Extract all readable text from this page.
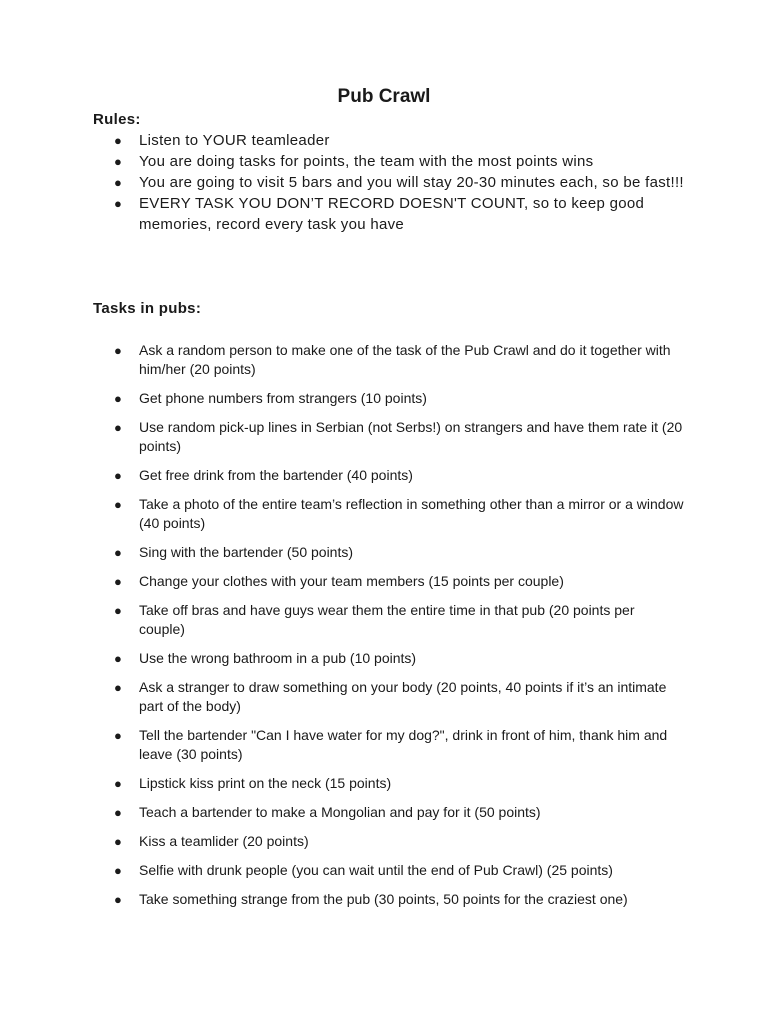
Pub Crawl
Rules:
● Listen to YOUR teamleader
● You are doing tasks for points, the team with the most points wins
● You are going to visit 5 bars and you will stay 20-30 minutes each, so be fast!!!
● EVERY TASK YOU DON’T RECORD DOESN'T COUNT, so to keep good memories, record every task you have
Tasks in pubs:
● Ask a random person to make one of the task of the Pub Crawl and do it together with him/her (20 points)
● Get phone numbers from strangers (10 points)
● Use random pick-up lines in Serbian (not Serbs!) on strangers and have them rate it (20 points)
● Get free drink from the bartender (40 points)
● Take a photo of the entire team’s reflection in something other than a mirror or a window (40 points)
● Sing with the bartender (50 points)
● Change your clothes with your team members (15 points per couple)
● Take off bras and have guys wear them the entire time in that pub (20 points per couple)
● Use the wrong bathroom in a pub (10 points)
● Ask a stranger to draw something on your body (20 points, 40 points if it’s an intimate part of the body)
● Tell the bartender "Can I have water for my dog?", drink in front of him, thank him and leave (30 points)
● Lipstick kiss print on the neck (15 points)
● Teach a bartender to make a Mongolian and pay for it (50 points)
● Kiss a teamlider (20 points)
● Selfie with drunk people (you can wait until the end of Pub Crawl) (25 points)
● Take something strange from the pub (30 points, 50 points for the craziest one)
